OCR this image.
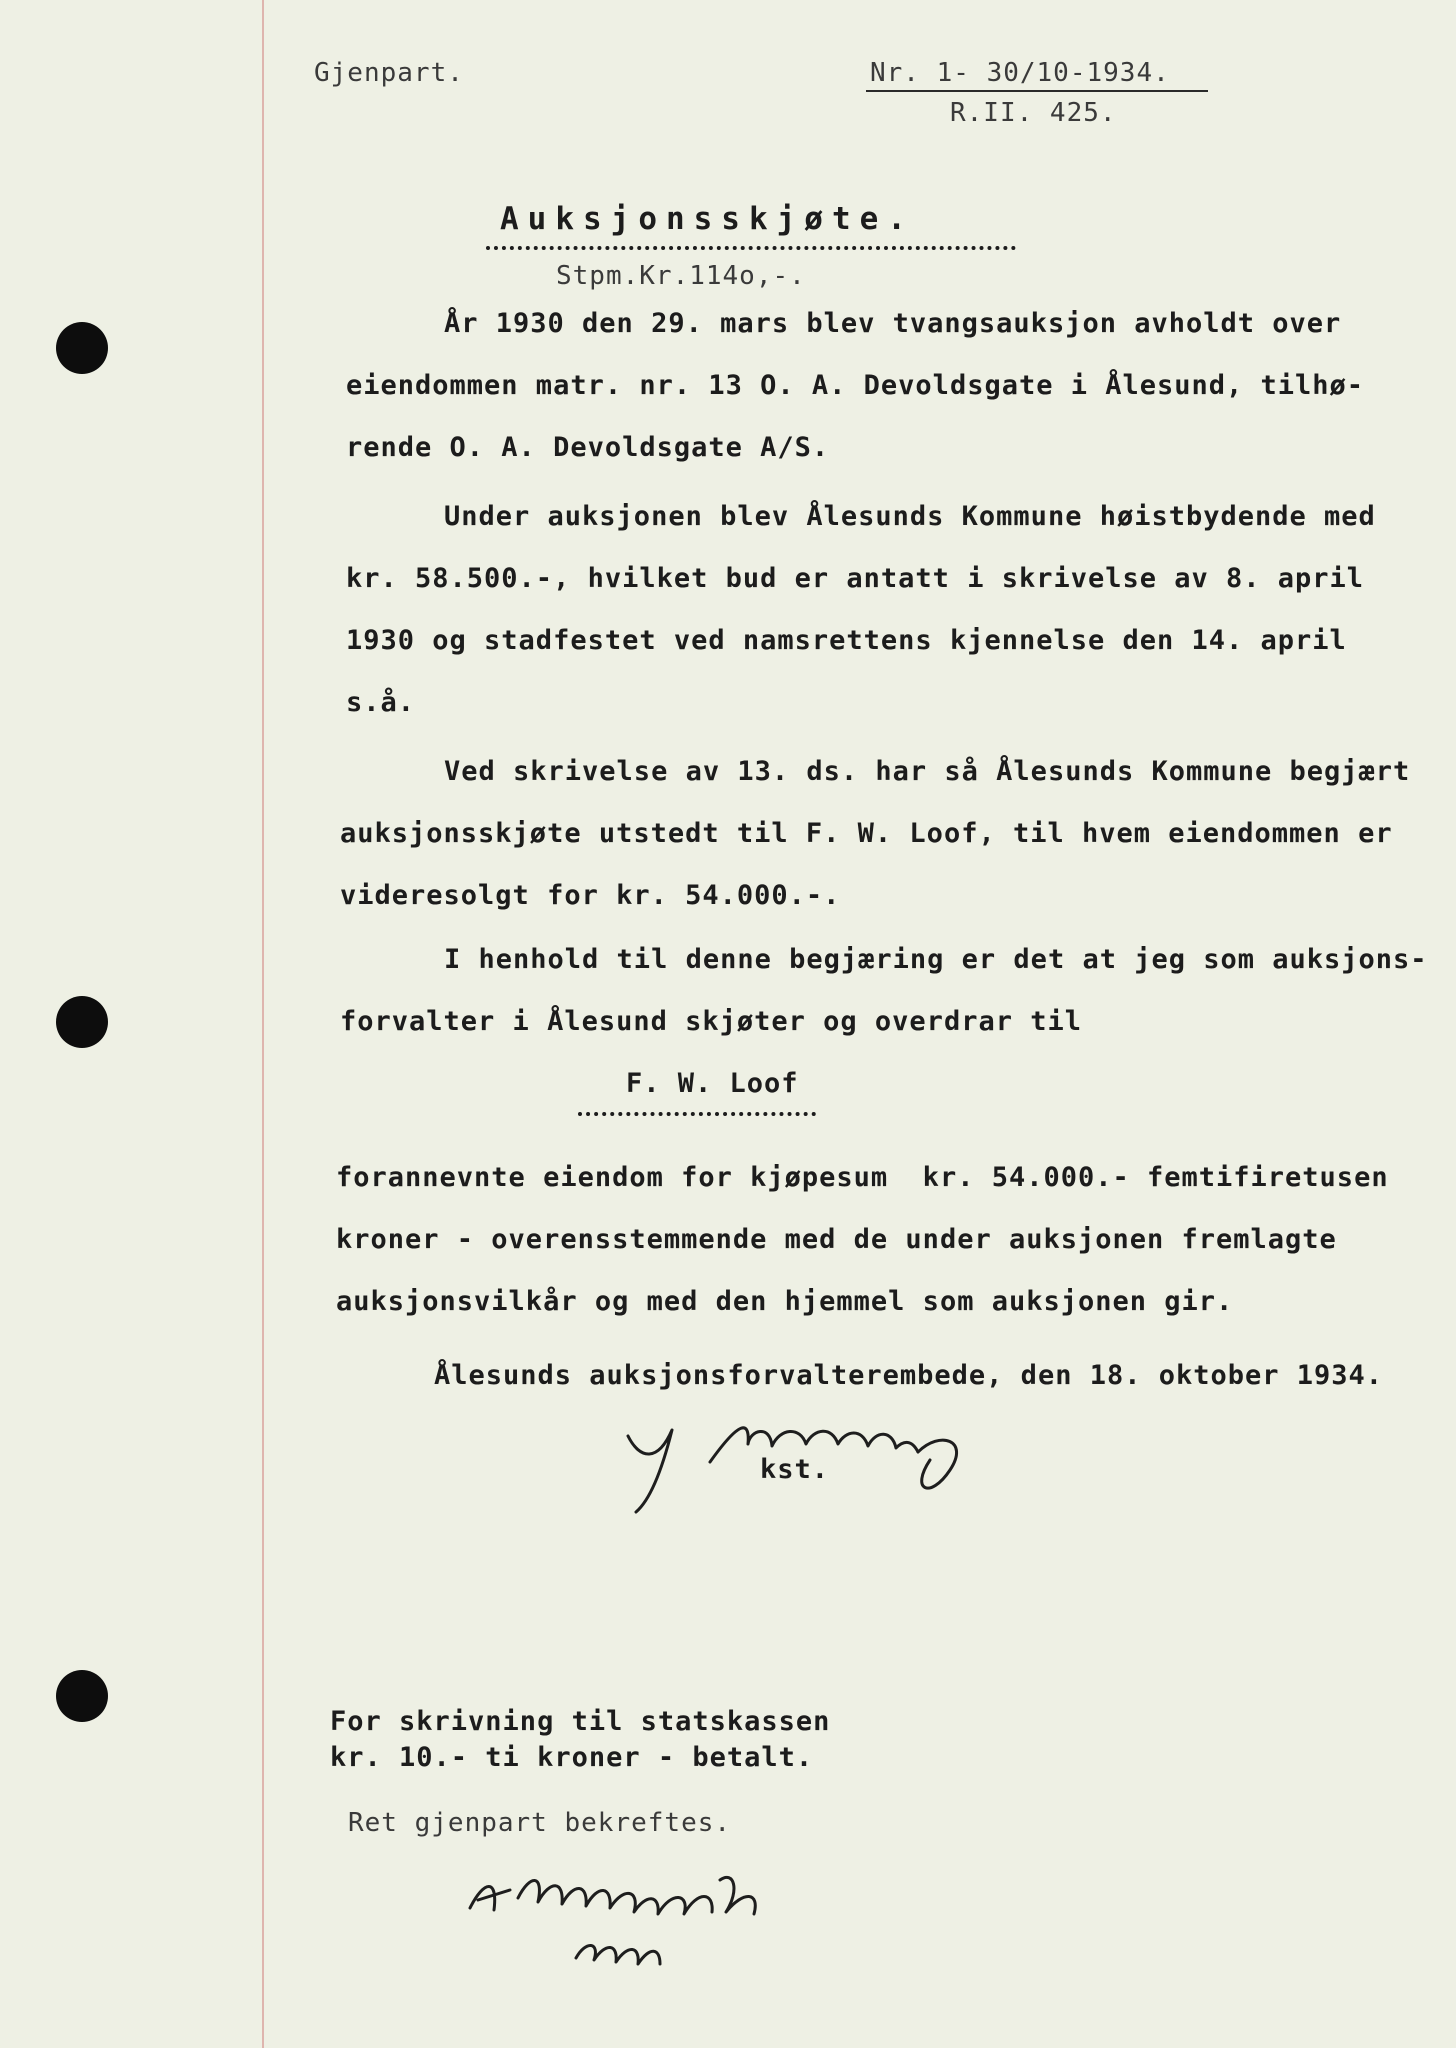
Gjenpart.	Nr. 1- 30/10-1934.
R.II. 425.
Auksjonsskjøte.
Stpm.Kr.114o,-.
År 1930 den 29. mars blev tvangsauksjon avholdt over
eiendommen matr. nr. 13 O. A. Devoldsgate i Ålesund, tilhø-
rende O. A. Devoldsgate A/S.
Under auksjonen blev Ålesunds Kommune høistbydende med
kr. 58.500.-, hvilket bud er antatt i skrivelse av 8. april
1930 og stadfestet ved namsrettens kjennelse den 14. april
s.å.
Ved skrivelse av 13. ds. har så Ålesunds Kommune begjært
auksjonsskjøte utstedt til F. W. Loof, til hvem eiendommen er
videresolgt for kr. 54.000.-.
I henhold til denne begjæring er det at jeg som auksjons-
forvalter i Ålesund skjøter og overdrar til
F. W. Loof
forannevnte eiendom for kjøpesum  kr. 54.000.- femtifiretusen
kroner - overensstemmende med de under auksjonen fremlagte
auksjonsvilkår og med den hjemmel som auksjonen gir.
Ålesunds auksjonsforvalterembede, den 18. oktober 1934.
kst.
For skrivning til statskassen
kr. 10.- ti kroner - betalt.
Ret gjenpart bekreftes.
